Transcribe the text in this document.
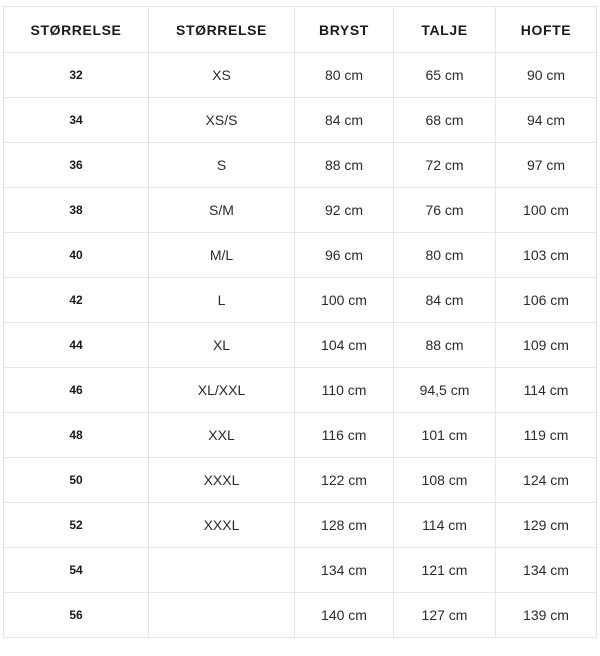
STØRRELSE	STØRRELSE	BRYST	TALJE	HOFTE
32	XS	80 cm	65 cm	90 cm
34	XS/S	84 cm	68 cm	94 cm
36	S	88 cm	72 cm	97 cm
38	S/M	92 cm	76 cm	100 cm
40	M/L	96 cm	80 cm	103 cm
42	L	100 cm	84 cm	106 cm
44	XL	104 cm	88 cm	109 cm
46	XL/XXL	110 cm	94,5 cm	114 cm
48	XXL	116 cm	101 cm	119 cm
50	XXXL	122 cm	108 cm	124 cm
52	XXXL	128 cm	114 cm	129 cm
54		134 cm	121 cm	134 cm
56		140 cm	127 cm	139 cm
